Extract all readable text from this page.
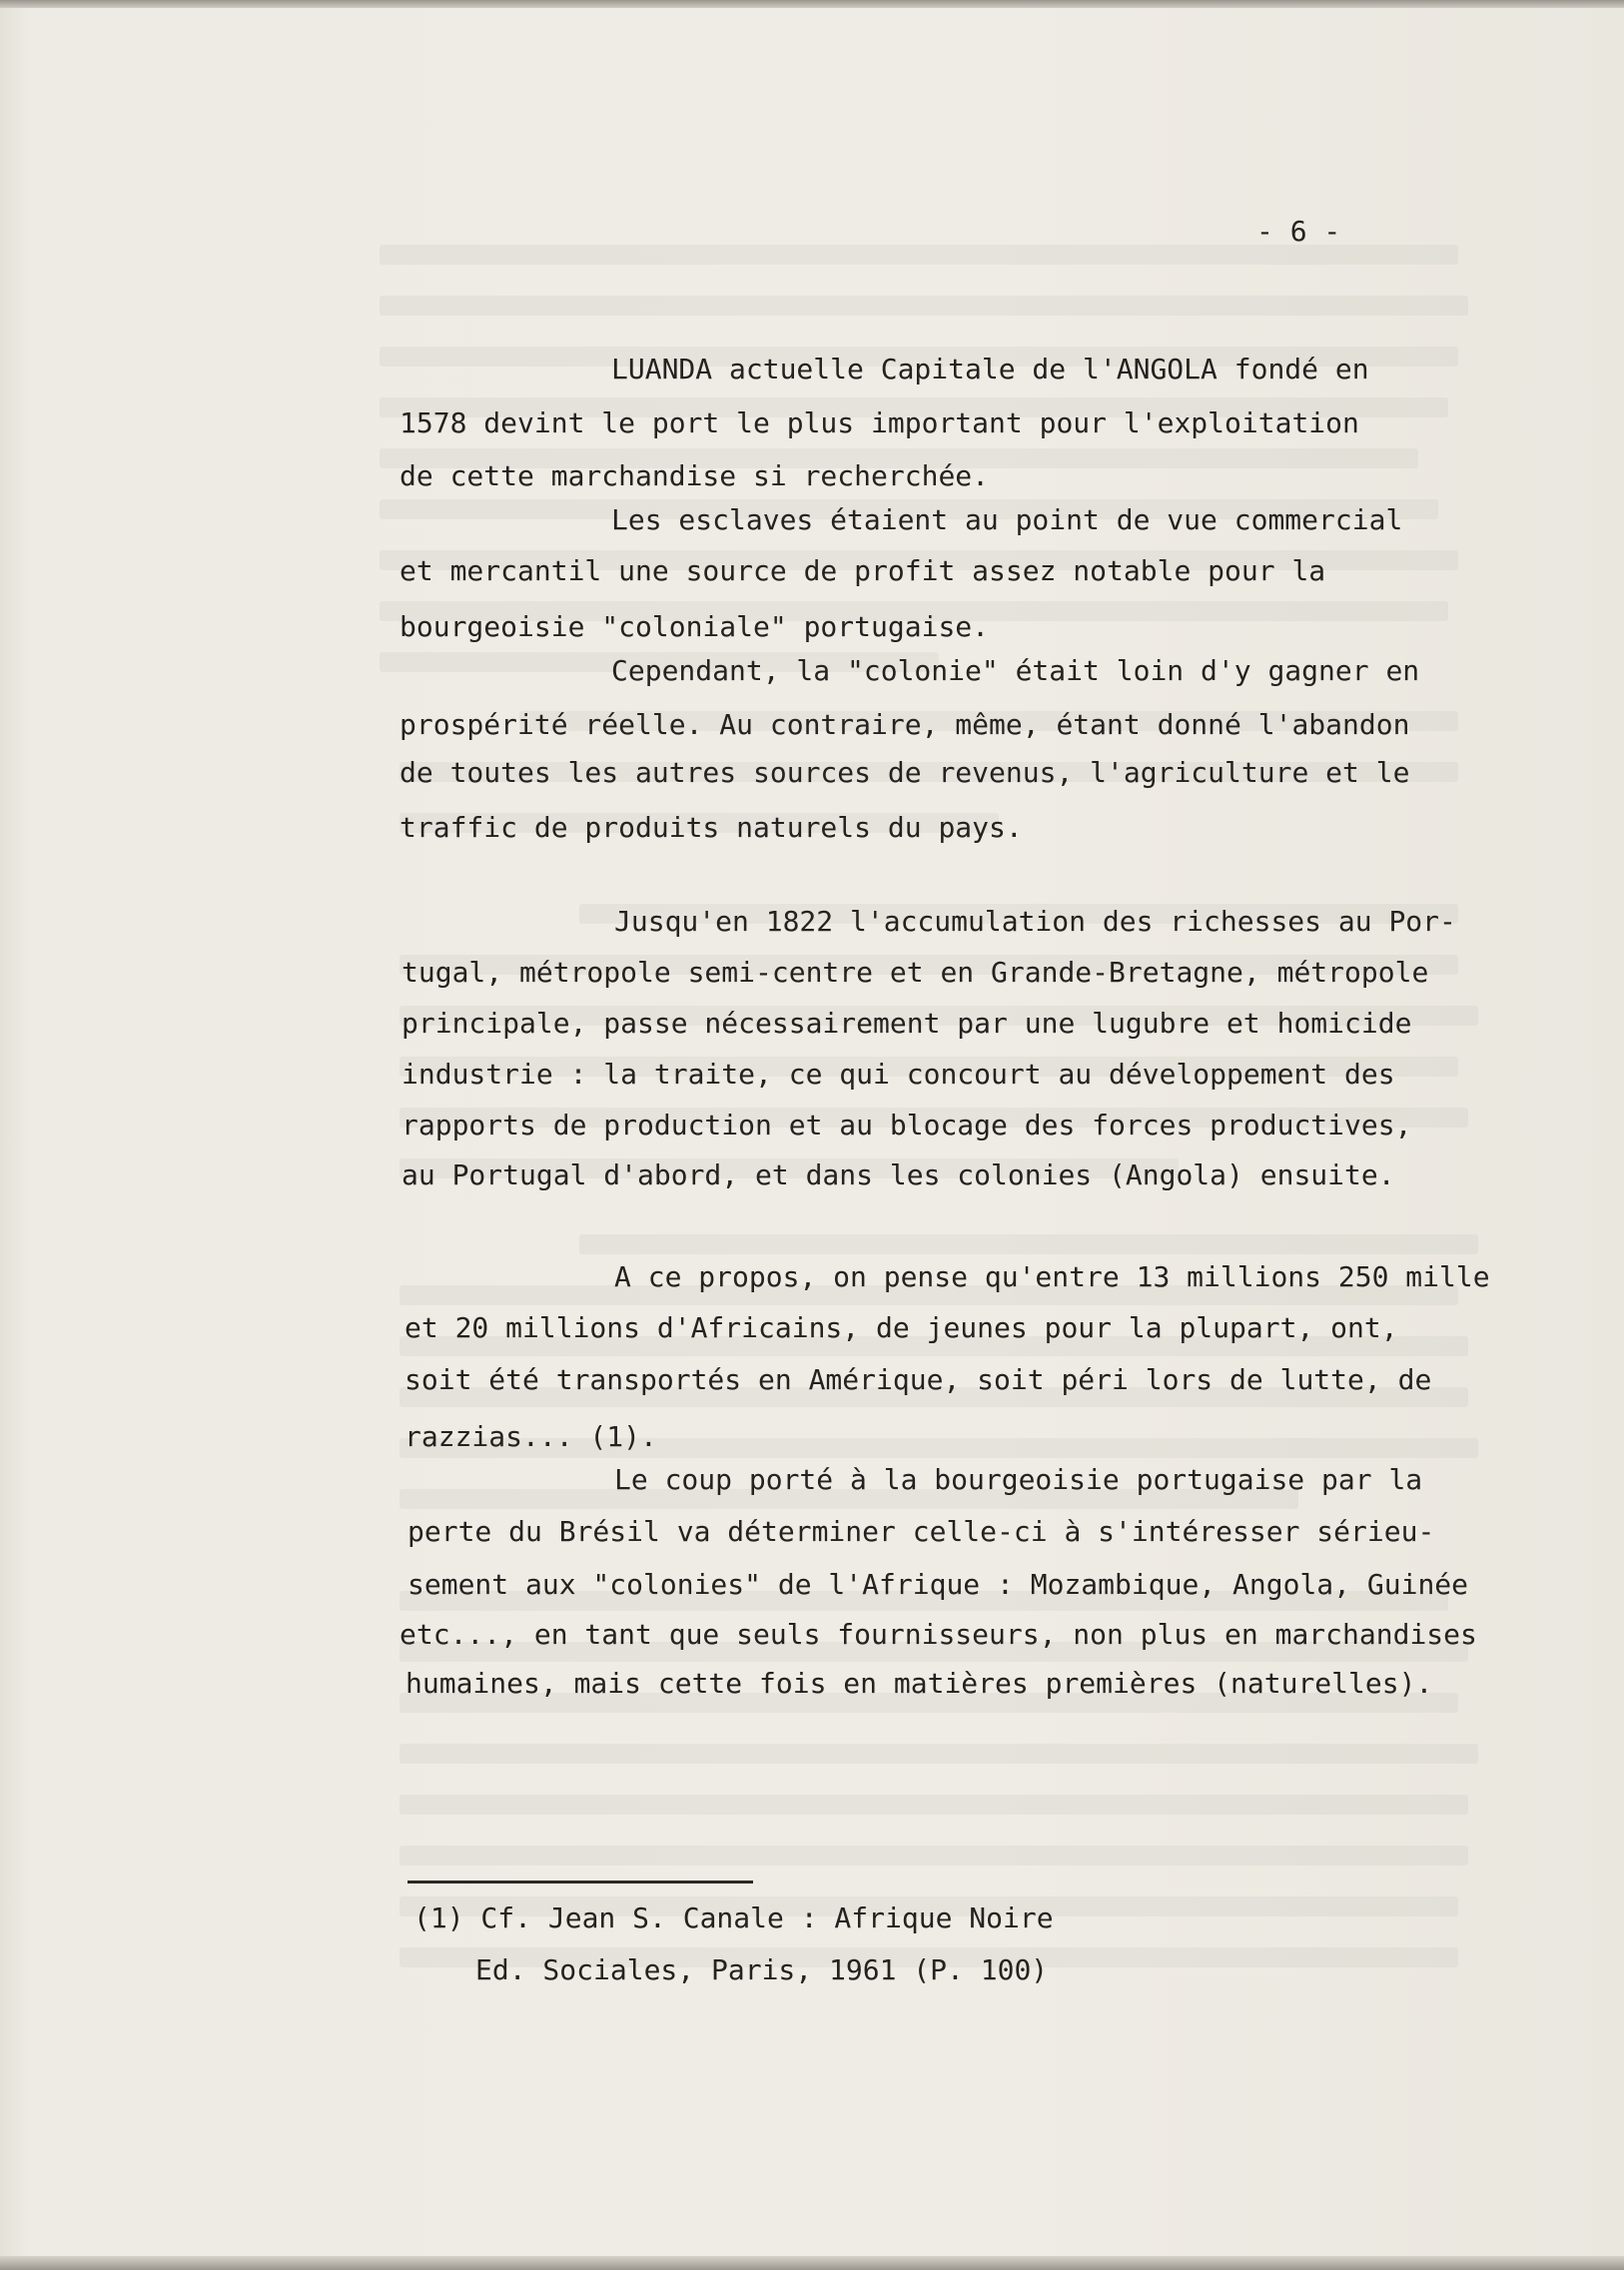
- 6 -
LUANDA actuelle Capitale de l'ANGOLA fondé en
1578 devint le port le plus important pour l'exploitation
de cette marchandise si recherchée.
Les esclaves étaient au point de vue commercial
et mercantil une source de profit assez notable pour la
bourgeoisie "coloniale" portugaise.
Cependant, la "colonie" était loin d'y gagner en
prospérité réelle. Au contraire, même, étant donné l'abandon
de toutes les autres sources de revenus, l'agriculture et le
traffic de produits naturels du pays.
Jusqu'en 1822 l'accumulation des richesses au Por-
tugal, métropole semi-centre et en Grande-Bretagne, métropole
principale, passe nécessairement par une lugubre et homicide
industrie : la traite, ce qui concourt au développement des
rapports de production et au blocage des forces productives,
au Portugal d'abord, et dans les colonies (Angola) ensuite.
A ce propos, on pense qu'entre 13 millions 250 mille
et 20 millions d'Africains, de jeunes pour la plupart, ont,
soit été transportés en Amérique, soit péri lors de lutte, de
razzias... (1).
Le coup porté à la bourgeoisie portugaise par la
perte du Brésil va déterminer celle-ci à s'intéresser sérieu-
sement aux "colonies" de l'Afrique : Mozambique, Angola, Guinée
etc..., en tant que seuls fournisseurs, non plus en marchandises
humaines, mais cette fois en matières premières (naturelles).
(1) Cf. Jean S. Canale : Afrique Noire
Ed. Sociales, Paris, 1961 (P. 100)
